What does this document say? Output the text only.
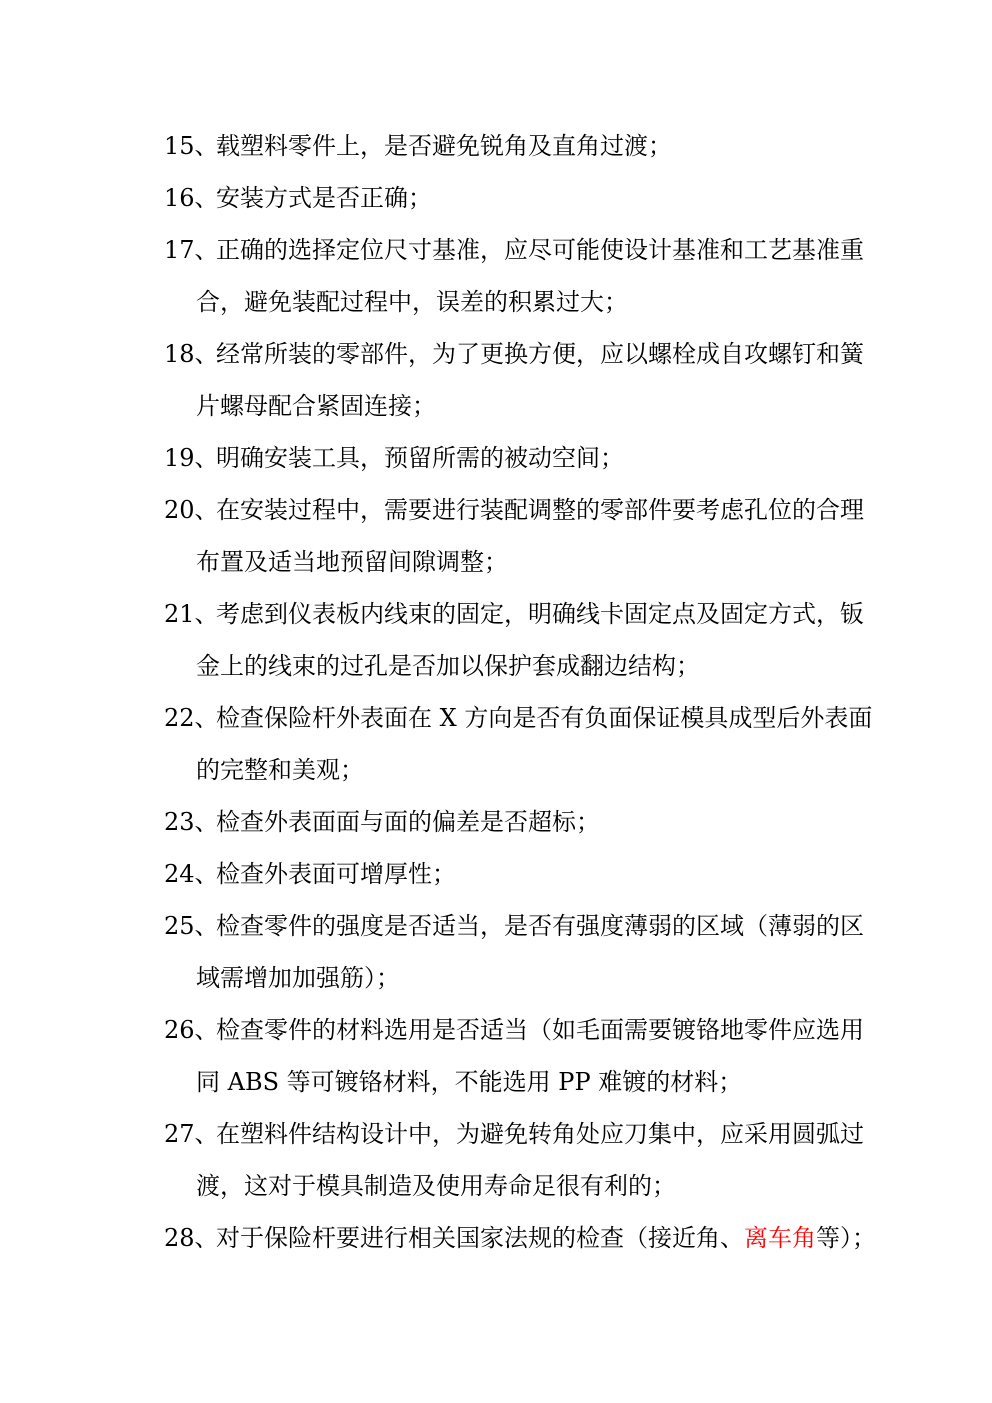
15、载塑料零件上，是否避免锐角及直角过渡；
16、安装方式是否正确；
17、正确的选择定位尺寸基准，应尽可能使设计基准和工艺基准重
合，避免装配过程中，误差的积累过大；
18、经常所装的零部件，为了更换方便，应以螺栓成自攻螺钉和簧
片螺母配合紧固连接；
19、明确安装工具，预留所需的被动空间；
20、在安装过程中，需要进行装配调整的零部件要考虑孔位的合理
布置及适当地预留间隙调整；
21、考虑到仪表板内线束的固定，明确线卡固定点及固定方式，钣
金上的线束的过孔是否加以保护套成翻边结构；
22、检查保险杆外表面在 X 方向是否有负面保证模具成型后外表面
的完整和美观；
23、检查外表面面与面的偏差是否超标；
24、检查外表面可增厚性；
25、检查零件的强度是否适当，是否有强度薄弱的区域（薄弱的区
域需增加加强筋）；
26、检查零件的材料选用是否适当（如毛面需要镀铬地零件应选用
同 ABS 等可镀铬材料，不能选用 PP 难镀的材料；
27、在塑料件结构设计中，为避免转角处应刀集中，应采用圆弧过
渡，这对于模具制造及使用寿命足很有利的；
28、对于保险杆要进行相关国家法规的检查（接近角、离车角等）；
